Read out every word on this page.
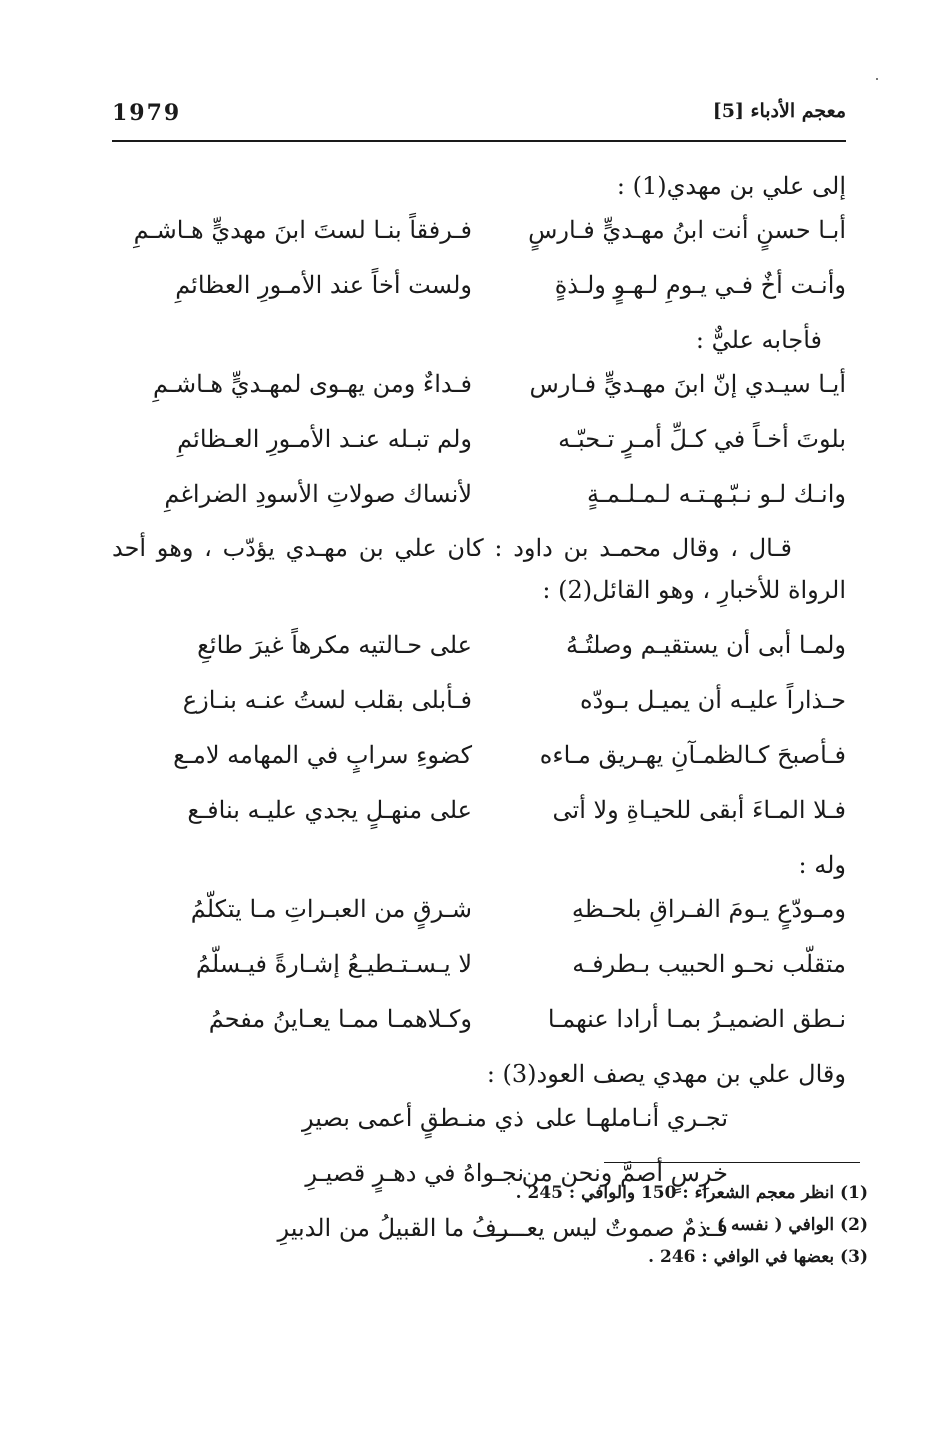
1979	معجم الأدباء [5]
إلى علي بن مهدي(1) :
أبـا حسنٍ أنت ابنُ مهـديٍّ فـارسٍ
فـرفقاً بنـا لستَ ابنَ مهديٍّ هـاشـمِ
وأنـت أخٌ فـي يـومِ لـهـوٍ ولـذةٍ
ولست أخاً عند الأمـورِ العظائمِ
فأجابه عليٌّ :
أيـا سيـدي إنّ ابنَ مهـديٍّ فـارس
فـداءٌ ومن يهـوى لمهـديٍّ هـاشـمِ
بلوتَ أخـاً في كـلِّ أمـرٍ تـحبّـه
ولم تبـله عنـد الأمـورِ العـظائمِ
وانـك لـو نـبّـهـتـه لـمـلـمـةٍ
لأنساك صولاتِ الأسودِ الضراغمِ
قـال ، وقال محمـد بن داود : كان علي بن مهـدي يؤدّب ، وهو أحد الرواة للأخبارِ ، وهو القائل(2) :
ولمـا أبى أن يستقيـم وصلتُـهُ
على حـالتيه مكرهاً غيرَ طائعِ
حـذاراً عليـه أن يميـل بـودّه
فـأبلى بقلب لستُ عنـه بنـازع
فـأصبحَ كـالظمـآنِ يهـريق مـاءه
كضوءِ سرابٍ في المهامه لامـع
فـلا المـاءَ أبقى للحيـاةِ ولا أتى
على منهـلٍ يجدي عليـه بنافـع
وله :
ومـودّعٍ يـومَ الفـراقِ بلحـظهِ
شـرقٍ من العبـراتِ مـا يتكلّمُ
متقلّب نحـو الحبيب بـطرفـه
لا يـسـتـطيـعُ إشـارةً فيـسلّمُ
نـطق الضميـرُ بمـا أرادا عنهمـا
وكـلاهمـا ممـا يعـاينُ مفحمُ
وقال علي بن مهدي يصف العود(3) :
تجـري أنـاملهـا على
ذي منـطقٍ أعمى بصيرِ
خرِسٍ أصمَّ ونحن من
نجـواهُ في دهـرٍ قصيـرِ
فـذمٌ صموتٌ ليس يعـــــ
ــرفُ ما القبيلُ من الدبيرِ
(1) انظر معجم الشعراء : 150 والوافي : 245 .
(2) الوافي ( نفسه ) .
(3) بعضها في الوافي : 246 .
